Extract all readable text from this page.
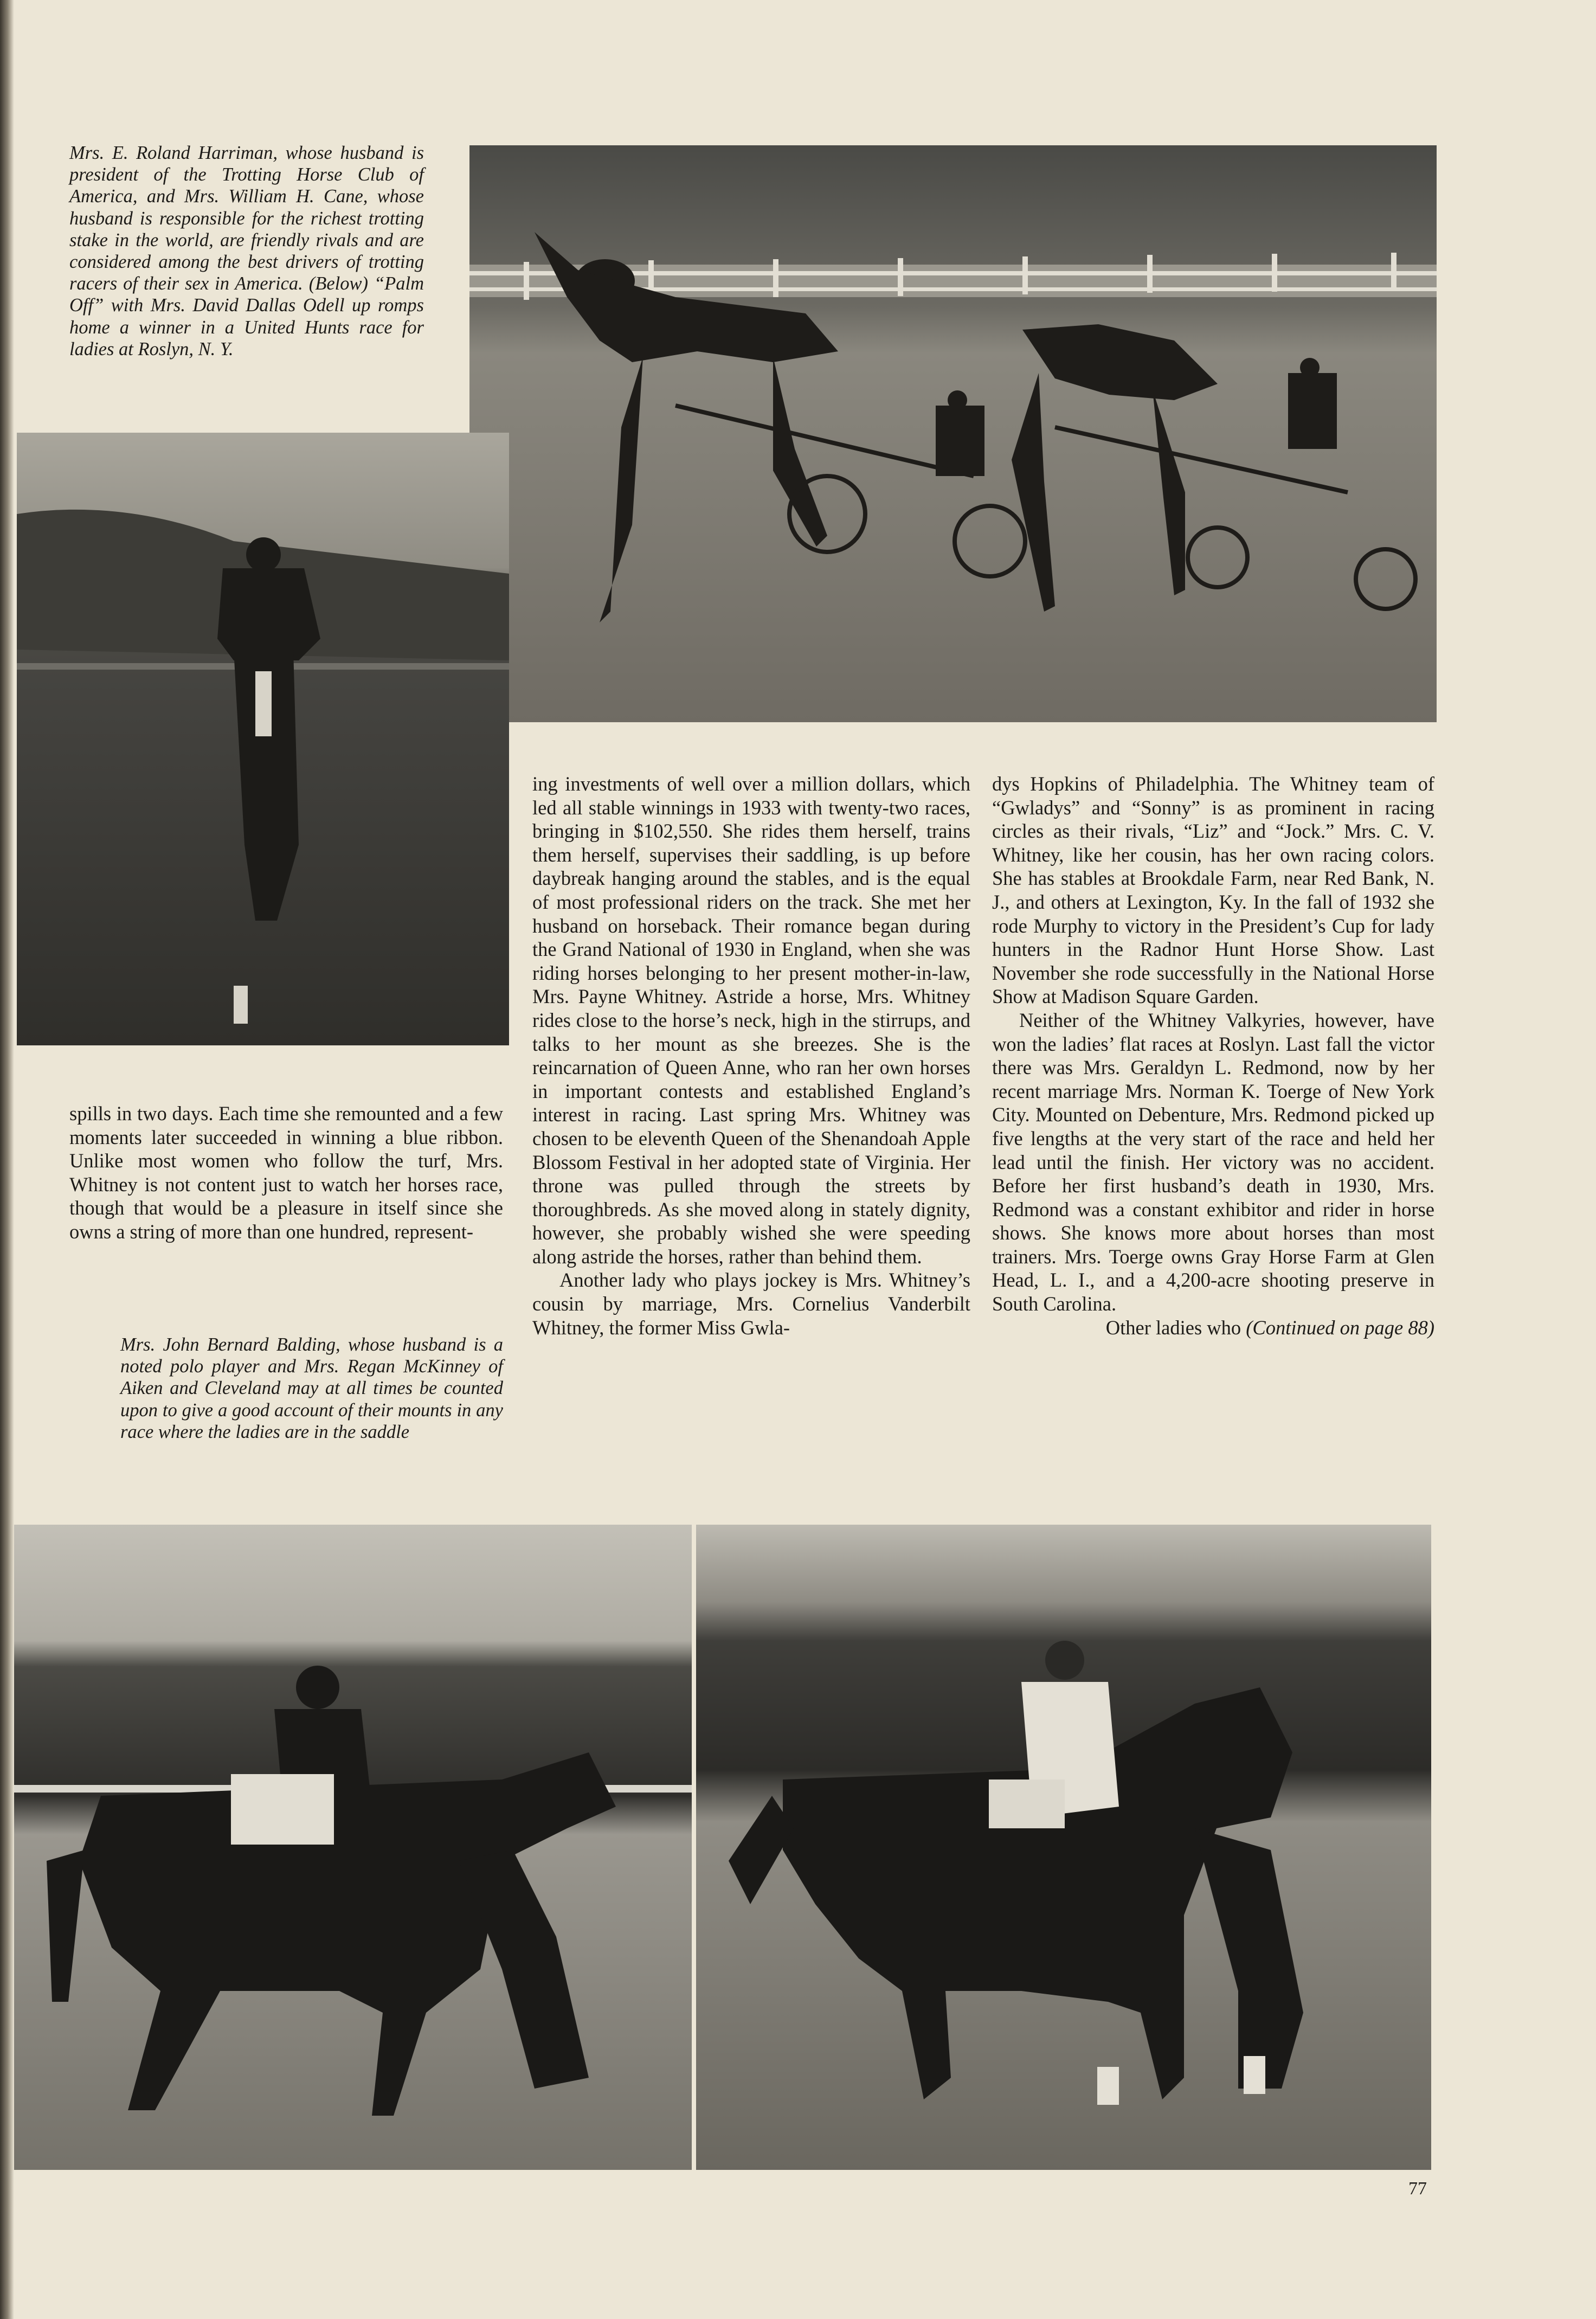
Mrs. E. Roland Harriman, whose husband is president of the Trotting Horse Club of America, and Mrs. William H. Cane, whose husband is responsible for the richest trotting stake in the world, are friendly rivals and are considered among the best drivers of trotting racers of their sex in America. (Below) “Palm Off” with Mrs. David Dallas Odell up romps home a winner in a United Hunts race for ladies at Roslyn, N. Y.

spills in two days. Each time she remounted and a few moments later succeeded in winning a blue ribbon. Unlike most women who follow the turf, Mrs. Whitney is not content just to watch her horses race, though that would be a pleasure in itself since she owns a string of more than one hundred, represent-

Mrs. John Bernard Balding, whose husband is a noted polo player and Mrs. Regan McKinney of Aiken and Cleveland may at all times be counted upon to give a good account of their mounts in any race where the ladies are in the saddle

ing investments of well over a million dollars, which led all stable winnings in 1933 with twenty-two races, bringing in $102,550. She rides them herself, trains them herself, supervises their saddling, is up before daybreak hanging around the stables, and is the equal of most professional riders on the track. She met her husband on horseback. Their romance began during the Grand National of 1930 in England, when she was riding horses belonging to her present mother-in-law, Mrs. Payne Whitney. Astride a horse, Mrs. Whitney rides close to the horse’s neck, high in the stirrups, and talks to her mount as she breezes. She is the reincarnation of Queen Anne, who ran her own horses in important contests and established England’s interest in racing. Last spring Mrs. Whitney was chosen to be eleventh Queen of the Shenandoah Apple Blossom Festival in her adopted state of Virginia. Her throne was pulled through the streets by thoroughbreds. As she moved along in stately dignity, however, she probably wished she were speeding along astride the horses, rather than behind them.

Another lady who plays jockey is Mrs. Whitney’s cousin by marriage, Mrs. Cornelius Vanderbilt Whitney, the former Miss Gwla-

dys Hopkins of Philadelphia. The Whitney team of “Gwladys” and “Sonny” is as prominent in racing circles as their rivals, “Liz” and “Jock.” Mrs. C. V. Whitney, like her cousin, has her own racing colors. She has stables at Brookdale Farm, near Red Bank, N. J., and others at Lexington, Ky. In the fall of 1932 she rode Murphy to victory in the President’s Cup for lady hunters in the Radnor Hunt Horse Show. Last November she rode successfully in the National Horse Show at Madison Square Garden.

Neither of the Whitney Valkyries, however, have won the ladies’ flat races at Roslyn. Last fall the victor there was Mrs. Geraldyn L. Redmond, now by her recent marriage Mrs. Norman K. Toerge of New York City. Mounted on Debenture, Mrs. Redmond picked up five lengths at the very start of the race and held her lead until the finish. Her victory was no accident. Before her first husband’s death in 1930, Mrs. Redmond was a constant exhibitor and rider in horse shows. She knows more about horses than most trainers. Mrs. Toerge owns Gray Horse Farm at Glen Head, L. I., and a 4,200-acre shooting preserve in South Carolina.

Other ladies who (Continued on page 88)

77
